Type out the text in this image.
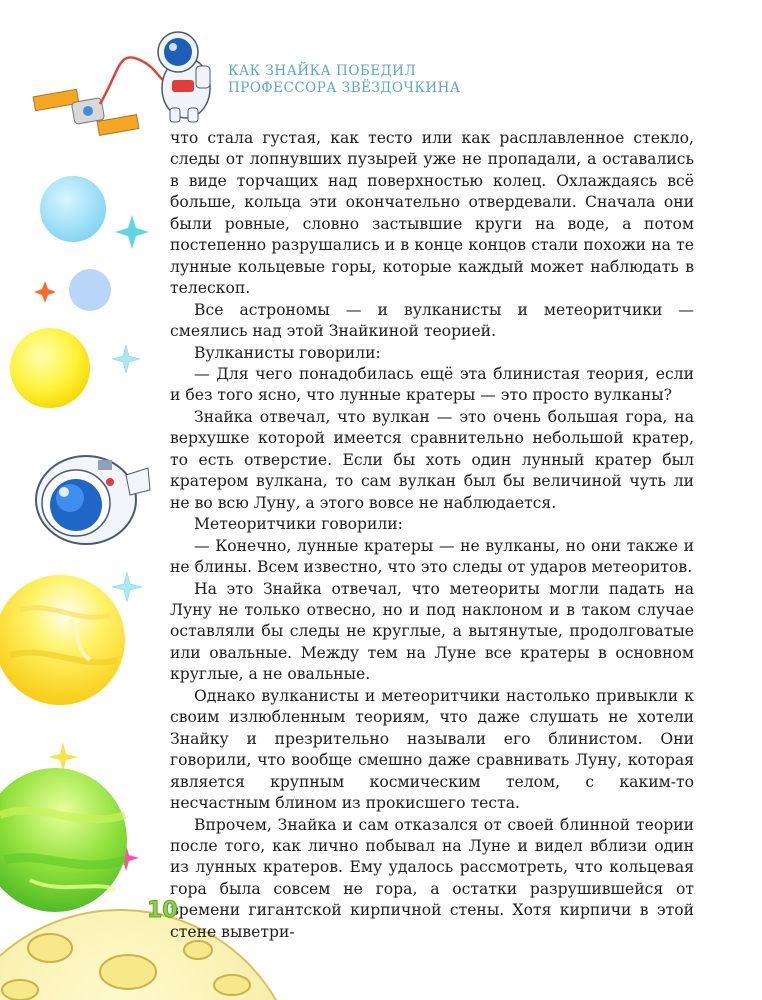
КАК ЗНАЙКА ПОБЕДИЛ
ПРОФЕССОРА ЗВЁЗДОЧКИНА

что стала густая, как тесто или как расплавленное стекло, следы от лопнувших пузырей уже не пропадали, а оставались в виде торчащих над поверхностью колец. Охлаждаясь всё больше, кольца эти окончательно отвердевали. Сначала они были ровные, словно застывшие круги на воде, а потом постепенно разрушались и в конце концов стали похожи на те лунные кольцевые горы, которые каждый может наблюдать в телескоп.

Все астрономы — и вулканисты и метеоритчики — смеялись над этой Знайкиной теорией.

Вулканисты говорили:

— Для чего понадобилась ещё эта блинистая теория, если и без того ясно, что лунные кратеры — это просто вулканы?

Знайка отвечал, что вулкан — это очень большая гора, на верхушке которой имеется сравнительно небольшой кратер, то есть отверстие. Если бы хоть один лунный кратер был кратером вулкана, то сам вулкан был бы величиной чуть ли не во всю Луну, а этого вовсе не наблюдается.

Метеоритчики говорили:

— Конечно, лунные кратеры — не вулканы, но они также и не блины. Всем известно, что это следы от ударов метеоритов.

На это Знайка отвечал, что метеориты могли падать на Луну не только отвесно, но и под наклоном и в таком случае оставляли бы следы не круглые, а вытянутые, продолговатые или овальные. Между тем на Луне все кратеры в основном круглые, а не овальные.

Однако вулканисты и метеоритчики настолько привыкли к своим излюбленным теориям, что даже слушать не хотели Знайку и презрительно называли его блинистом. Они говорили, что вообще смешно даже сравнивать Луну, которая является крупным космическим телом, с каким-то несчастным блином из прокисшего теста.

Впрочем, Знайка и сам отказался от своей блинной теории после того, как лично побывал на Луне и видел вблизи один из лунных кратеров. Ему удалось рассмотреть, что кольцевая гора была совсем не гора, а остатки разрушившейся от времени гигантской кирпичной стены. Хотя кирпичи в этой стене выветри-

10
